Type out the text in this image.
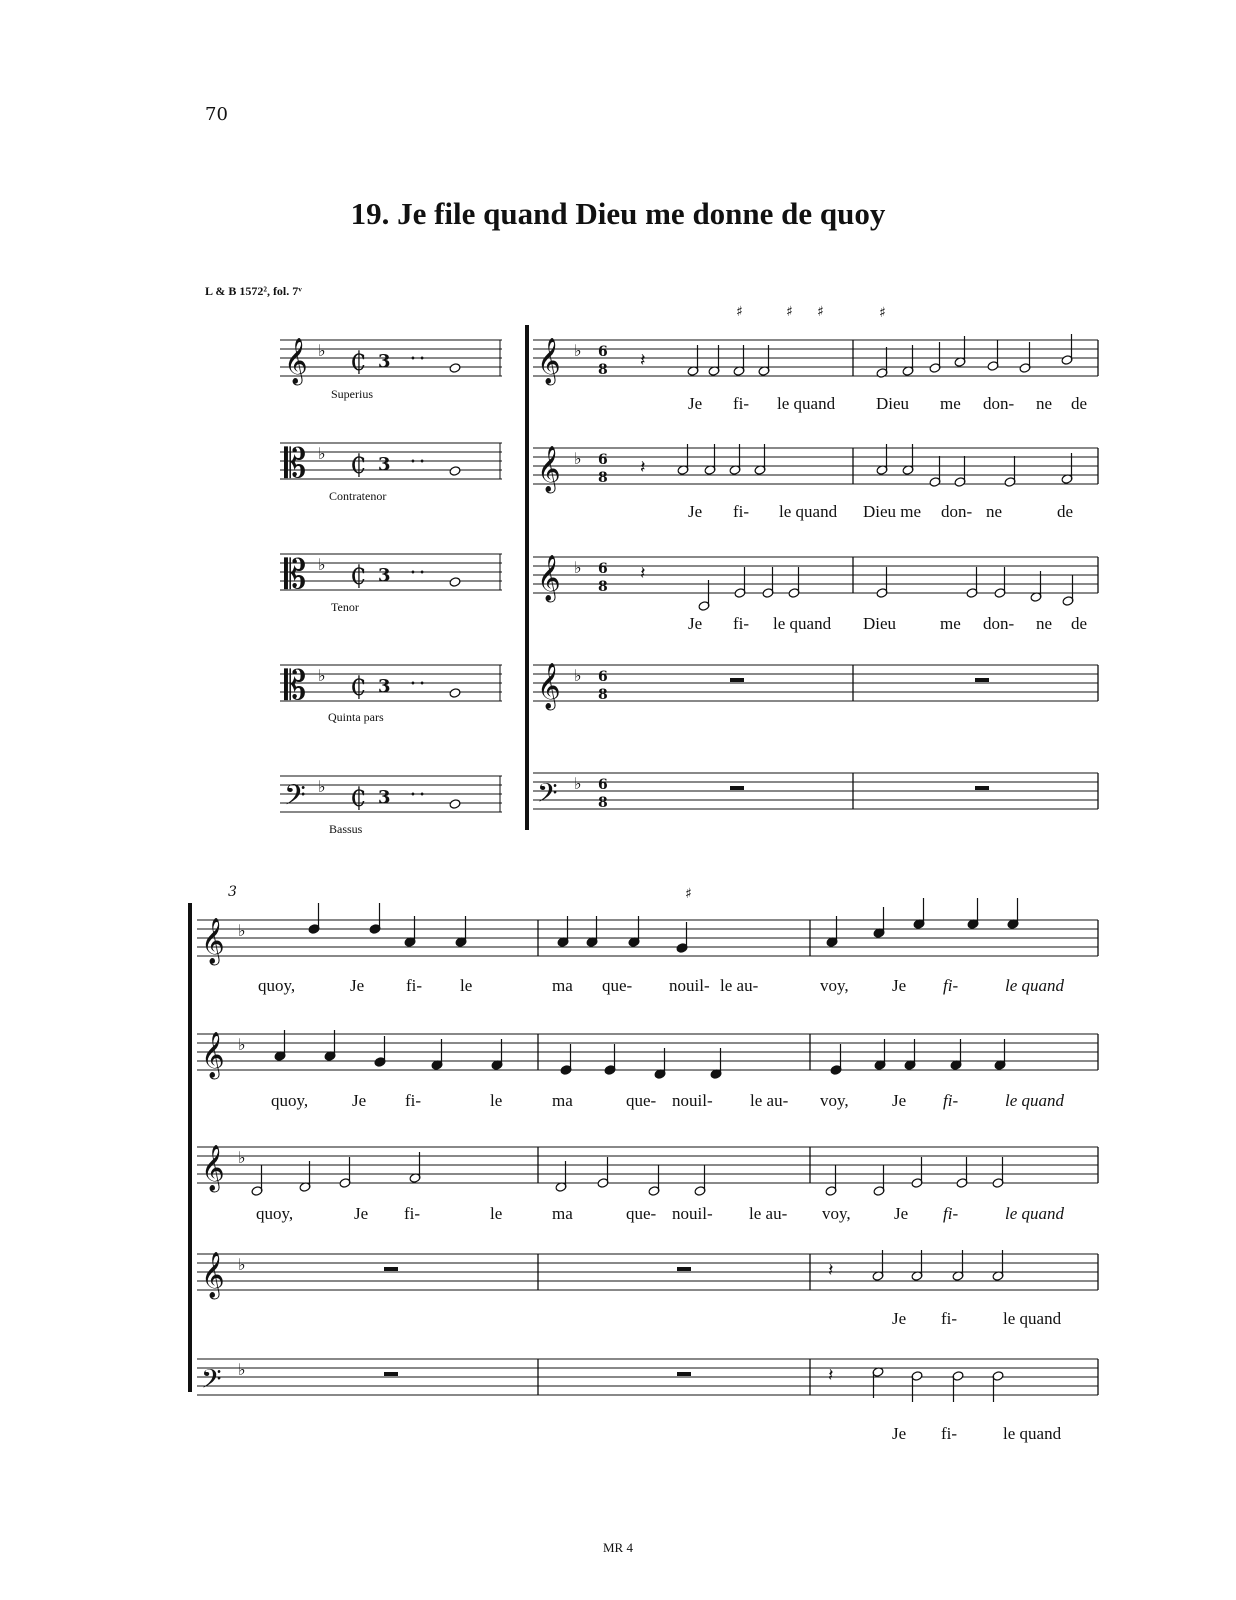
70
19. Je file quand Dieu me donne de quoy
L & B 1572², fol. 7ᵛ
3
Superius
Contratenor
Tenor
Quinta pars
Bassus
Je fi- le quand Dieu me don- ne de
Je fi- le quand Dieu me don- ne	de
Je fi- le quand Dieu	me don- ne de
quoy,	Je fi- le	ma que- nouil- le au-	voy,	Je fi-	le quand
quoy,	Je fi-	le	ma	que- nouil- le au- voy,	Je fi-	le quand
quoy,	Je fi-	le	ma	que- nouil- le au- voy,	Je fi-	le quand
Je fi-	le quand
Je fi-	le quand
MR 4
𝄞 ♭ ₵ 3 • •
𝄡 ♭ ₵ 3 • •
𝄡 ♭ ₵ 3 • •
𝄡 ♭ ₵ 3 • •
𝄢 ♭ ₵ 3 • •
𝄞 ♭ 6
8
𝄞 ♭ 6
8
𝄞 ♭ 6
8
𝄞 ♭ 6
8
𝄢 ♭ 6
8
𝄽
𝄽
𝄽
♯	♯ ♯	♯
𝄞 ♭
𝄞 ♭
𝄞 ♭
𝄞 ♭
𝄢 ♭
𝄽
𝄽
♯
